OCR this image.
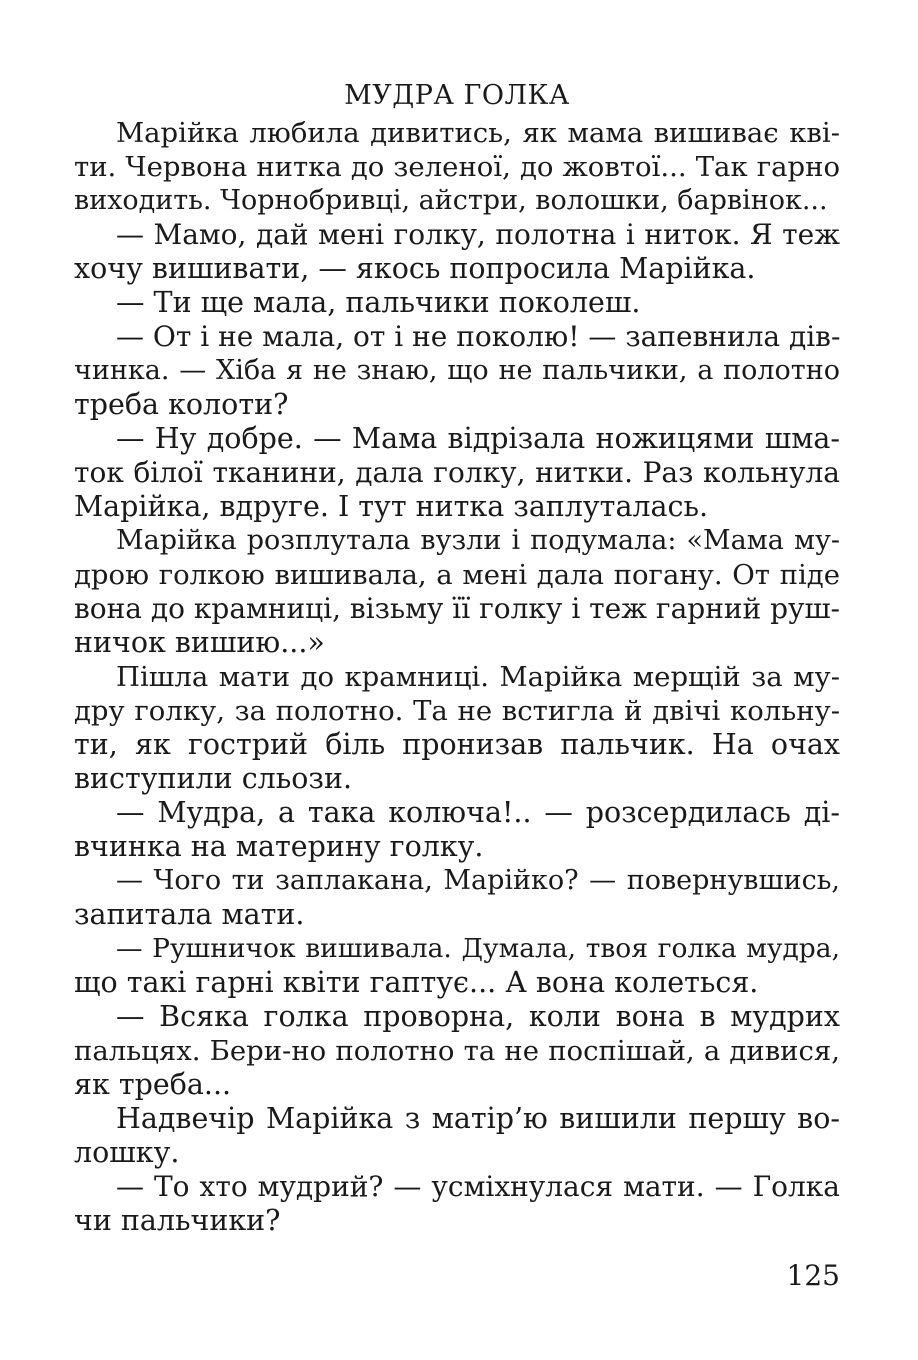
МУДРА ГОЛКА
Марійка любила дивитись, як мама вишиває кві-
ти. Червона нитка до зеленої, до жовтої... Так гарно
виходить. Чорнобривці, айстри, волошки, барвінок...
— Мамо, дай мені голку, полотна і ниток. Я теж
хочу вишивати, — якось попросила Марійка.
— Ти ще мала, пальчики поколеш.
— От і не мала, от і не поколю! — запевнила дів-
чинка. — Хіба я не знаю, що не пальчики, а полотно
треба колоти?
— Ну добре. — Мама відрізала ножицями шма-
ток білої тканини, дала голку, нитки. Раз кольнула
Марійка, вдруге. І тут нитка заплуталась.
Марійка розплутала вузли і подумала: «Мама му-
дрою голкою вишивала, а мені дала погану. От піде
вона до крамниці, візьму її голку і теж гарний руш-
ничок вишию...»
Пішла мати до крамниці. Марійка мерщій за му-
дру голку, за полотно. Та не встигла й двічі кольну-
ти, як гострий біль пронизав пальчик. На очах
виступили сльози.
— Мудра, а така колюча!.. — розсердилась ді-
вчинка на материну голку.
— Чого ти заплакана, Марійко? — повернувшись,
запитала мати.
— Рушничок вишивала. Думала, твоя голка мудра,
що такі гарні квіти гаптує... А вона колеться.
— Всяка голка проворна, коли вона в мудрих
пальцях. Бери-но полотно та не поспішай, а дивися,
як треба...
Надвечір Марійка з матір’ю вишили першу во-
лошку.
— То хто мудрий? — усміхнулася мати. — Голка
чи пальчики?
125
